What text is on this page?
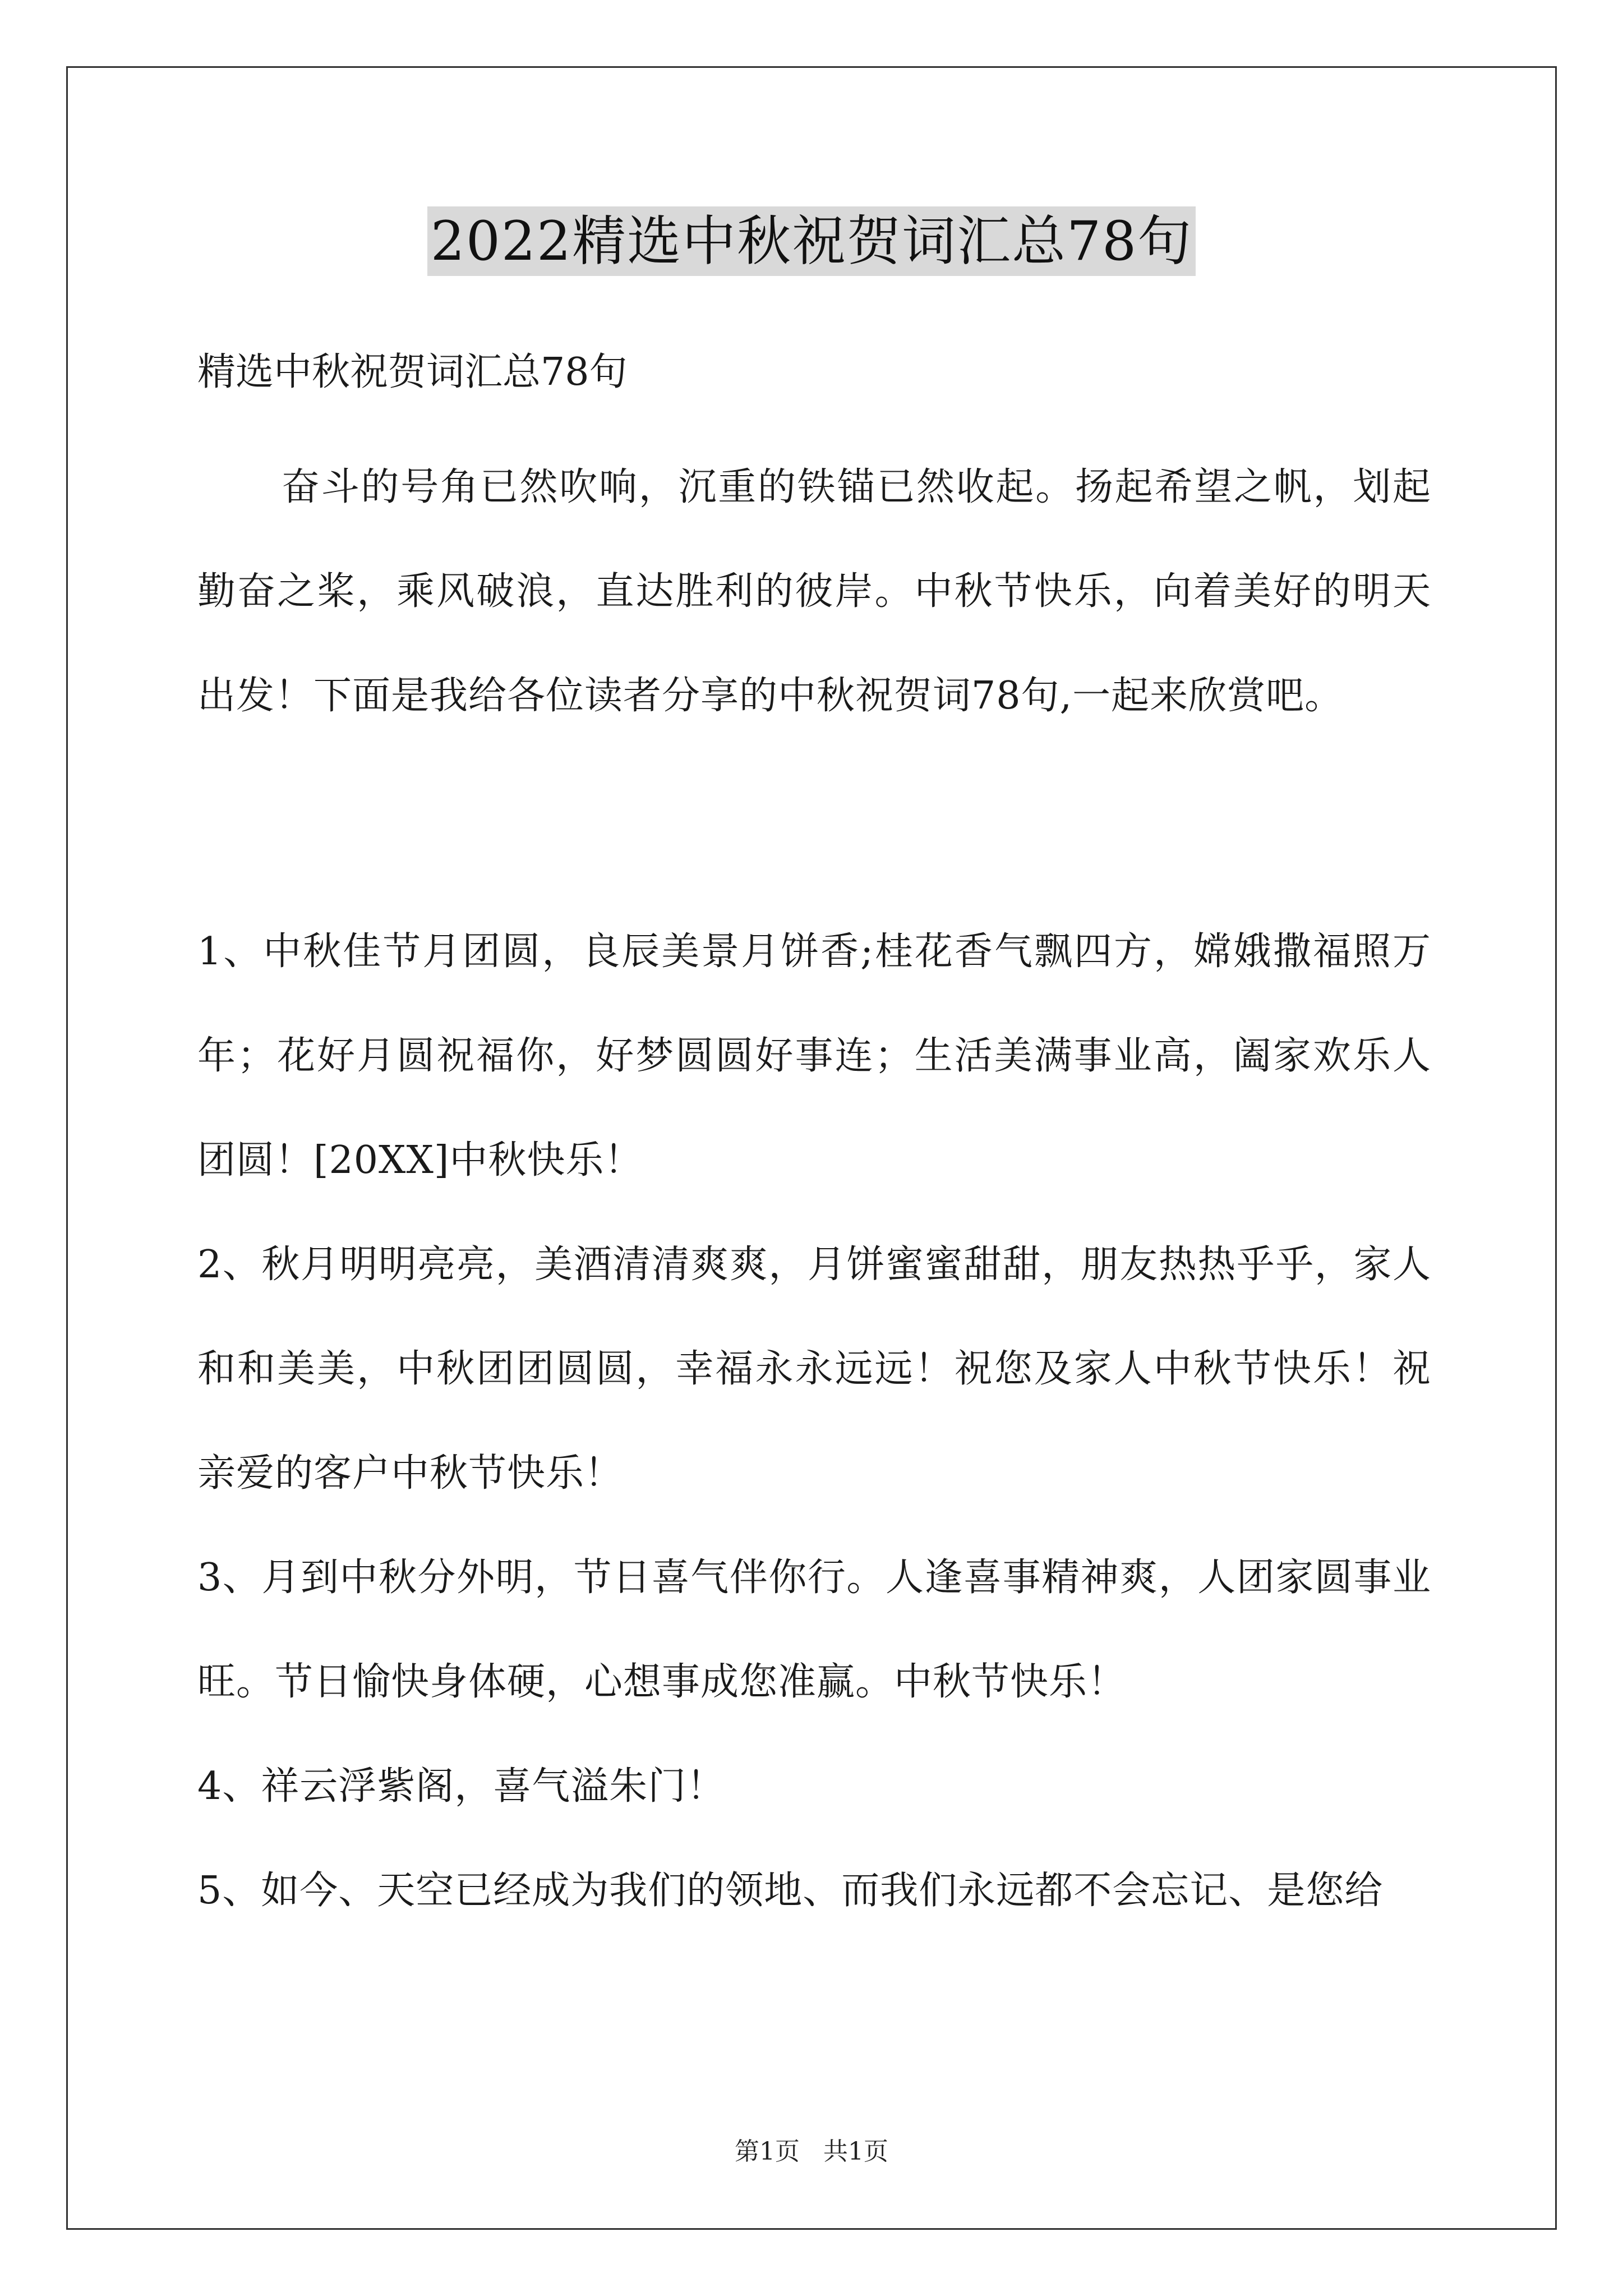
2022精选中秋祝贺词汇总78句

精选中秋祝贺词汇总78句

奋斗的号角已然吹响，沉重的铁锚已然收起。扬起希望之帆，划起勤奋之桨，乘风破浪，直达胜利的彼岸。中秋节快乐，向着美好的明天出发！下面是我给各位读者分享的中秋祝贺词78句,一起来欣赏吧。

1、中秋佳节月团圆，良辰美景月饼香;桂花香气飘四方，嫦娥撒福照万年；花好月圆祝福你，好梦圆圆好事连；生活美满事业高，阖家欢乐人团圆！[20XX]中秋快乐！

2、秋月明明亮亮，美酒清清爽爽，月饼蜜蜜甜甜，朋友热热乎乎，家人和和美美，中秋团团圆圆，幸福永永远远！祝您及家人中秋节快乐！祝亲爱的客户中秋节快乐！

3、月到中秋分外明，节日喜气伴你行。人逢喜事精神爽，人团家圆事业旺。节日愉快身体硬，心想事成您准赢。中秋节快乐！

4、祥云浮紫阁，喜气溢朱门！

5、如今、天空已经成为我们的领地、而我们永远都不会忘记、是您给

第1页   共1页
